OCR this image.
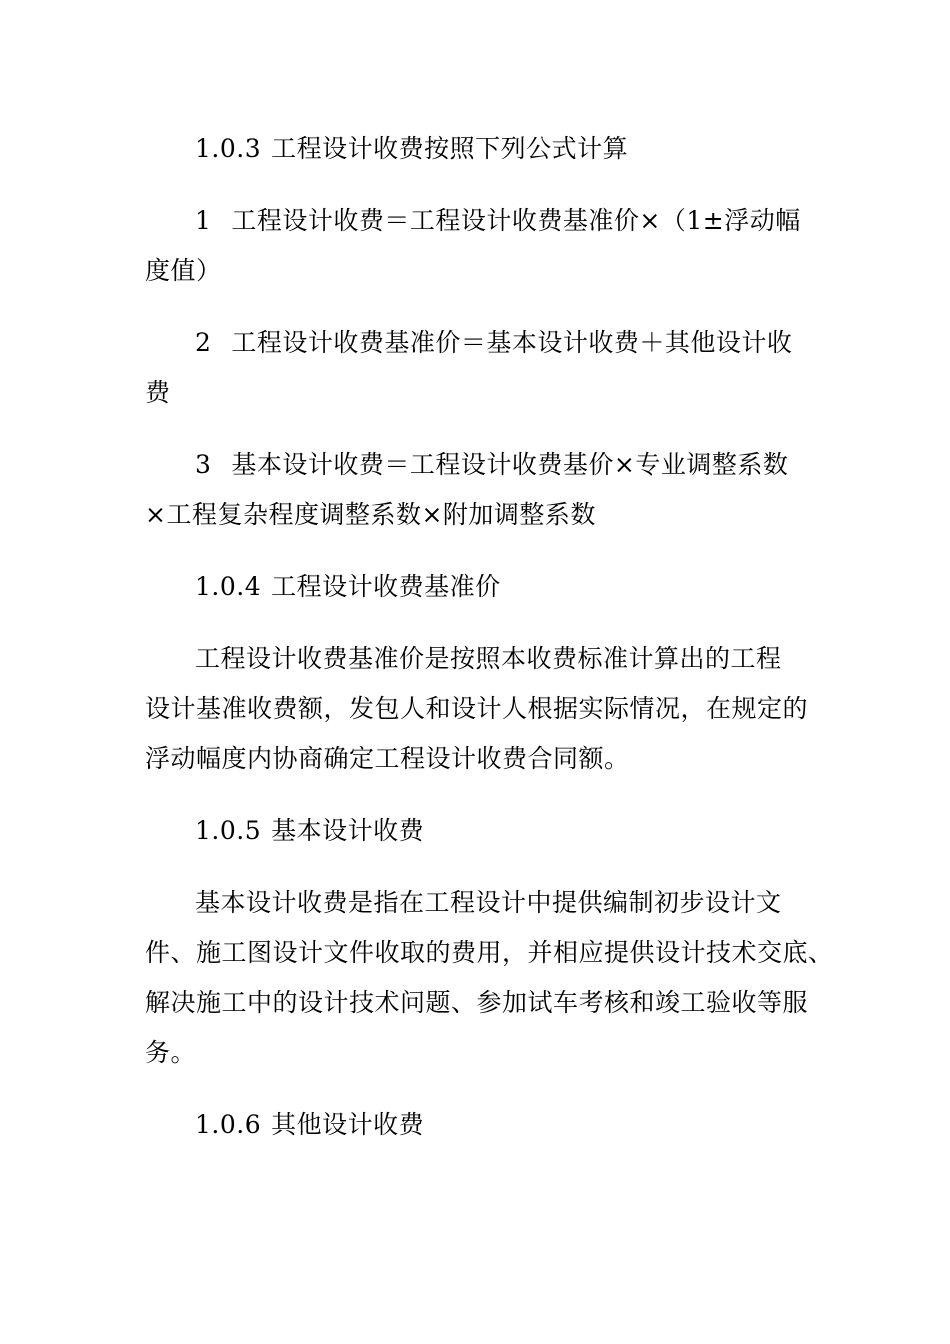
1.0.3 工程设计收费按照下列公式计算
1 工程设计收费＝工程设计收费基准价×（1±浮动幅
度值）
2 工程设计收费基准价＝基本设计收费＋其他设计收
费
3 基本设计收费＝工程设计收费基价×专业调整系数
×工程复杂程度调整系数×附加调整系数
1.0.4 工程设计收费基准价
工程设计收费基准价是按照本收费标准计算出的工程
设计基准收费额，发包人和设计人根据实际情况，在规定的
浮动幅度内协商确定工程设计收费合同额。
1.0.5 基本设计收费
基本设计收费是指在工程设计中提供编制初步设计文
件、施工图设计文件收取的费用，并相应提供设计技术交底、
解决施工中的设计技术问题、参加试车考核和竣工验收等服
务。
1.0.6 其他设计收费
